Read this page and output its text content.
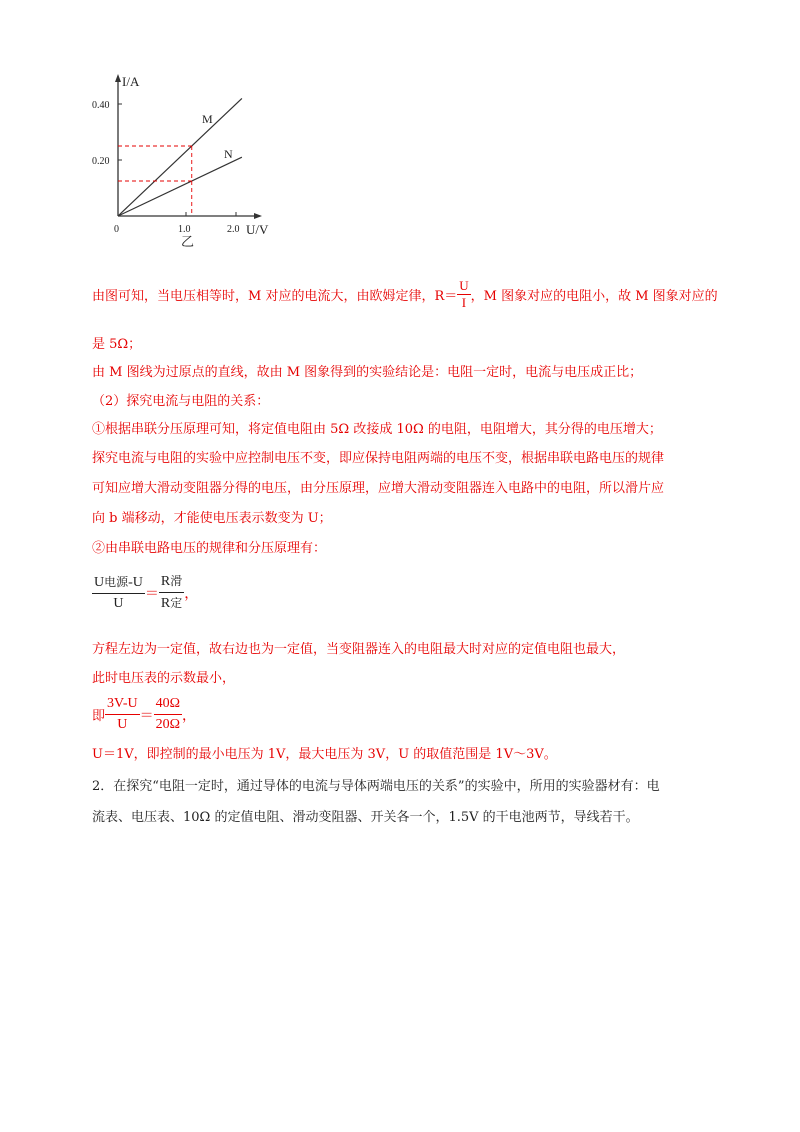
I/A
U/V
0.40
0.20
0	1.0	2.0
M
N
乙
由图可知，当电压相等时，M 对应的电流大，由欧姆定律，$R= \frac{U}{I}$ ，M 图象对应的电阻小，故 M 图象对应的
是 5Ω；
由 M 图线为过原点的直线，故由 M 图象得到的实验结论是：电阻一定时，电流与电压成正比；
（2）探究电流与电阻的关系：
①根据串联分压原理可知，将定值电阻由 5Ω 改接成 10Ω 的电阻，电阻增大，其分得的电压增大；
探究电流与电阻的实验中应控制电压不变，即应保持电阻两端的电压不变，根据串联电路电压的规律
可知应增大滑动变阻器分得的电压，由分压原理，应增大滑动变阻器连入电路中的电阻，所以滑片应
向 b 端移动，才能使电压表示数变为 U；
②由串联电路电压的规律和分压原理有：
$\frac{\text{U电源-U}}{U} = \frac{\text{R滑}}{\text{R定}}$ ，
方程左边为一定值，故右边也为一定值，当变阻器连入的电阻最大时对应的定值电阻也最大，
此时电压表的示数最小，
即 $\frac{3V-U}{U} = \frac{40\Omega}{20\Omega}$ ，
U＝1V，即控制的最小电压为 1V，最大电压为 3V，U 的取值范围是 1V～3V。
2．在探究“电阻一定时，通过导体的电流与导体两端电压的关系”的实验中，所用的实验器材有：电
流表、电压表、10Ω 的定值电阻、滑动变阻器、开关各一个，1.5V 的干电池两节，导线若干。
